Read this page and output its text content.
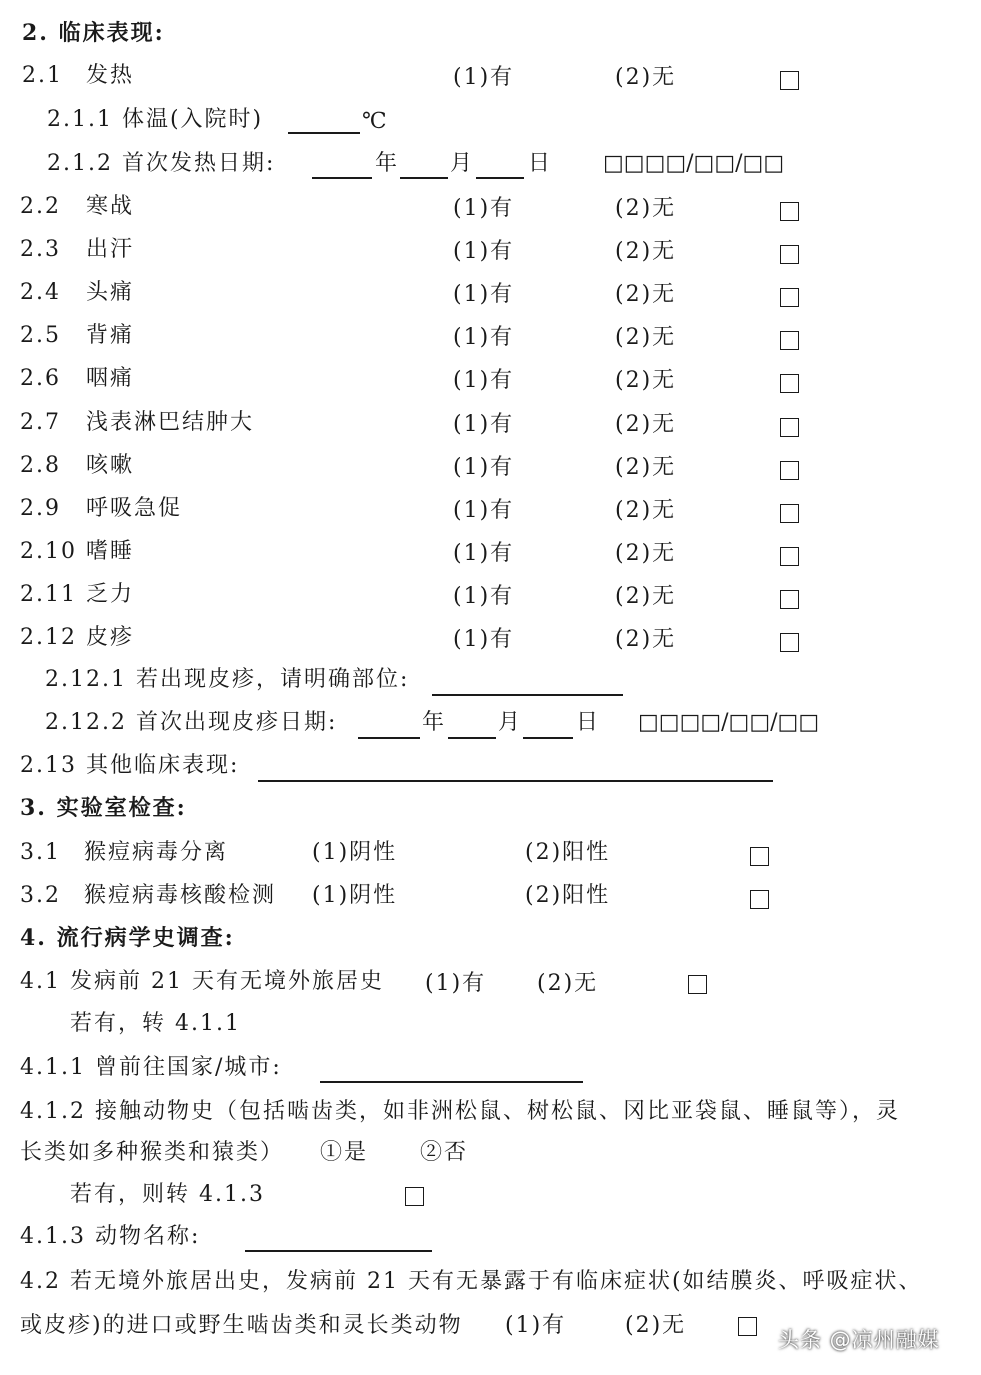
2. 临床表现:
2.1 发热	(1)有	(2)无
2.1.1 体温(入院时)	℃
2.1.2 首次发热日期:	年 月 日 □□□□/□□/□□
2.2 寒战	(1)有	(2)无
2.3 出汗	(1)有	(2)无
2.4 头痛	(1)有	(2)无
2.5 背痛	(1)有	(2)无
2.6 咽痛	(1)有	(2)无
2.7 浅表淋巴结肿大	(1)有	(2)无
2.8 咳嗽	(1)有	(2)无
2.9 呼吸急促	(1)有	(2)无
2.10 嗜睡	(1)有	(2)无
2.11 乏力	(1)有	(2)无
2.12 皮疹	(1)有	(2)无
2.12.1 若出现皮疹，请明确部位:
2.12.2 首次出现皮疹日期:	年 月 日 □□□□/□□/□□
2.13 其他临床表现:
3. 实验室检查:
3.1 猴痘病毒分离	(1)阴性	(2)阳性
3.2 猴痘病毒核酸检测 (1)阴性	(2)阳性
4. 流行病学史调查:
4.1 发病前 21 天有无境外旅居史 (1)有 (2)无
若有，转 4.1.1
4.1.1 曾前往国家/城市:
4.1.2 接触动物史（包括啮齿类，如非洲松鼠、树松鼠、冈比亚袋鼠、睡鼠等），灵
长类如多种猴类和猿类） ①是 ②否
若有，则转 4.1.3
4.1.3 动物名称:
4.2 若无境外旅居出史，发病前 21 天有无暴露于有临床症状(如结膜炎、呼吸症状、
或皮疹)的进口或野生啮齿类和灵长类动物 (1)有	(2)无
头条 @凉州融媒
